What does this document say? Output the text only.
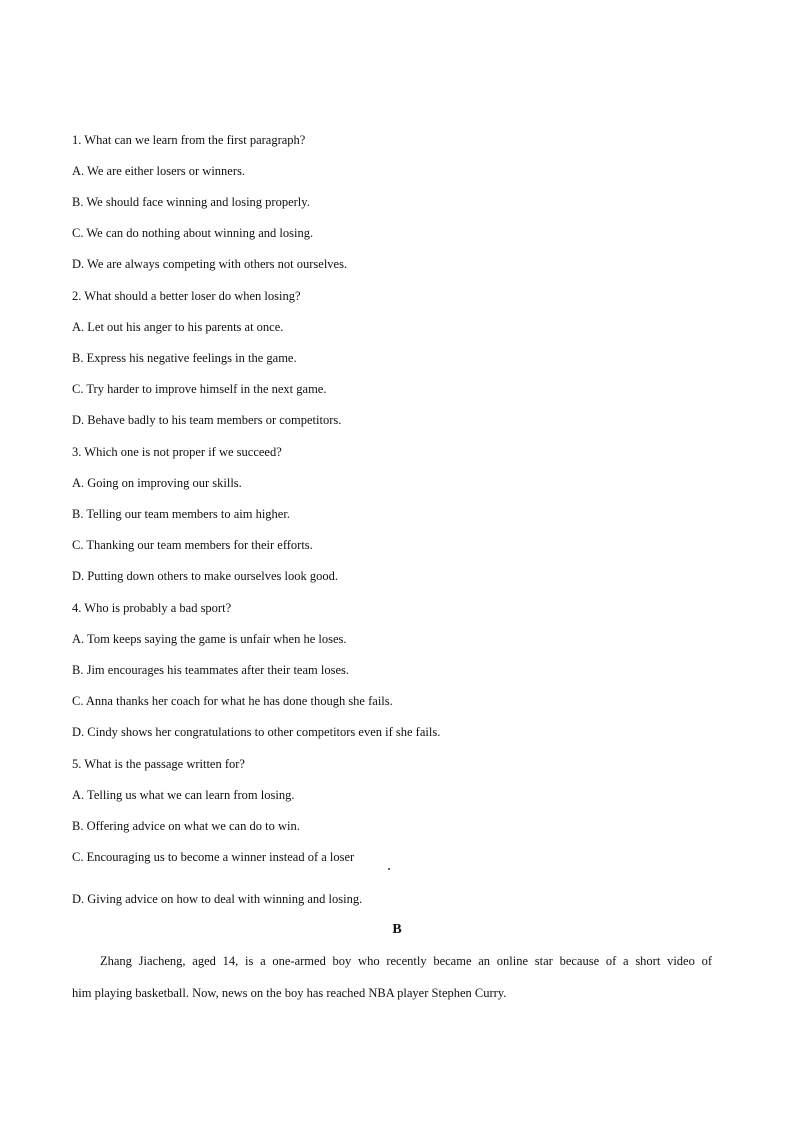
1. What can we learn from the first paragraph?

A. We are either losers or winners.

B. We should face winning and losing properly.

C. We can do nothing about winning and losing.

D. We are always competing with others not ourselves.

2. What should a better loser do when losing?

A. Let out his anger to his parents at once.

B. Express his negative feelings in the game.

C. Try harder to improve himself in the next game.

D. Behave badly to his team members or competitors.

3. Which one is not proper if we succeed?

A. Going on improving our skills.

B. Telling our team members to aim higher.

C. Thanking our team members for their efforts.

D. Putting down others to make ourselves look good.

4. Who is probably a bad sport?

A. Tom keeps saying the game is unfair when he loses.

B. Jim encourages his teammates after their team loses.

C. Anna thanks her coach for what he has done though she fails.

D. Cindy shows her congratulations to other competitors even if she fails.

5. What is the passage written for?

A. Telling us what we can learn from losing.

B. Offering advice on what we can do to win.

C. Encouraging us to become a winner instead of a loser

D. Giving advice on how to deal with winning and losing.

B

Zhang Jiacheng, aged 14, is a one-armed boy who recently became an online star because of a short video of

him playing basketball. Now, news on the boy has reached NBA player Stephen Curry.
